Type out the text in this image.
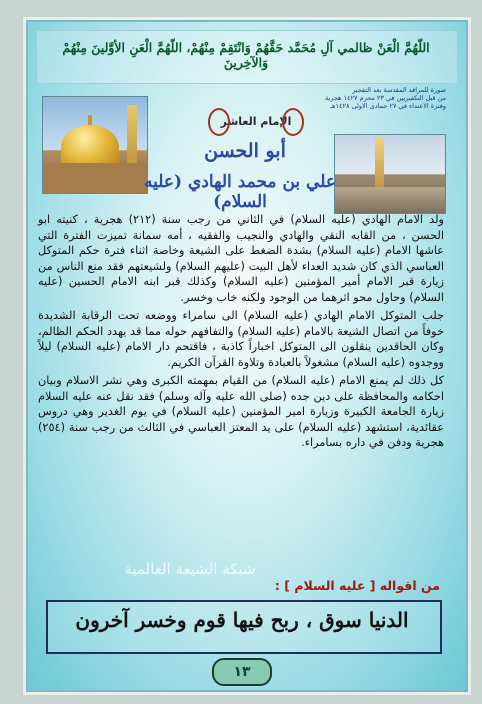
اللّهُمَّ الْعَنْ ظالمي آلِ مُحَمَّد حَقَّهُمْ وَانْتَقِمْ مِنْهُمْ، اللّهُمَّ الْعَنِ الأوَّلينَ مِنْهُمْ وَالآخِرينَ
صورة للمراقد المقدسة بعد التفجير
من قبل التكفيريين في ٢٣ محرم ١٤٢٧ هجرية
وفترة الاعتداء في ٢٧ جمادى الاولى ١٤٢٨هـ
الإمام العاشر
أبو الحسن
علي بن محمد الهادي (عليه السلام)

ولد الامام الهادي (عليه السلام) في الثاني من رجب سنة (٢١٢) هجرية ، كنيته ابو الحسن ، من القابه النقي والهادي والنجيب والفقيه ، أمه سمانة تميزت الفترة التي عاشها الامام (عليه السلام) بشدة الضغط على الشيعة وخاصة اثناء فترة حكم المتوكل العباسي الذي كان شديد العداء لأهل البيت (عليهم السلام) ولشيعتهم فقد منع الناس من زيارة قبر الامام أمير المؤمنين (عليه السلام) وكذلك قبر ابنه الامام الحسين (عليه السلام) وحاول محو اثرهما من الوجود ولكنه خاب وخسر.

جلب المتوكل الامام الهادي (عليه السلام) الى سامراء ووضعه تحت الرقابة الشديدة خوفاً من اتصال الشيعة بالامام (عليه السلام) والتفافهم حوله مما قد يهدد الحكم الظالم، وكان الحاقدين ينقلون الى المتوكل اخباراً كاذبة ، فاقتحم دار الامام (عليه السلام) ليلاً ووجدوه (عليه السلام) مشغولاً بالعبادة وتلاوة القرآن الكريم.

كل ذلك لم يمنع الامام (عليه السلام) من القيام بمهمته الكبرى وهي نشر الاسلام وبيان احكامه والمحافظة على دين جده (صلى الله عليه وآله وسلم) فقد نقل عنه عليه السلام زيارة الجامعة الكبيرة وزيارة امير المؤمنين (عليه السلام) في يوم الغدير وهي دروس عقائدية، استشهد (عليه السلام) على يد المعتز العباسي في الثالث من رجب سنة (٢٥٤) هجرية ودفن في داره بسامراء.

شبكة الشيعة العالمية
من اقواله [ عليه السلام ] :
الدنيا سوق ، ربح فيها قوم وخسر آخرون
١٣
